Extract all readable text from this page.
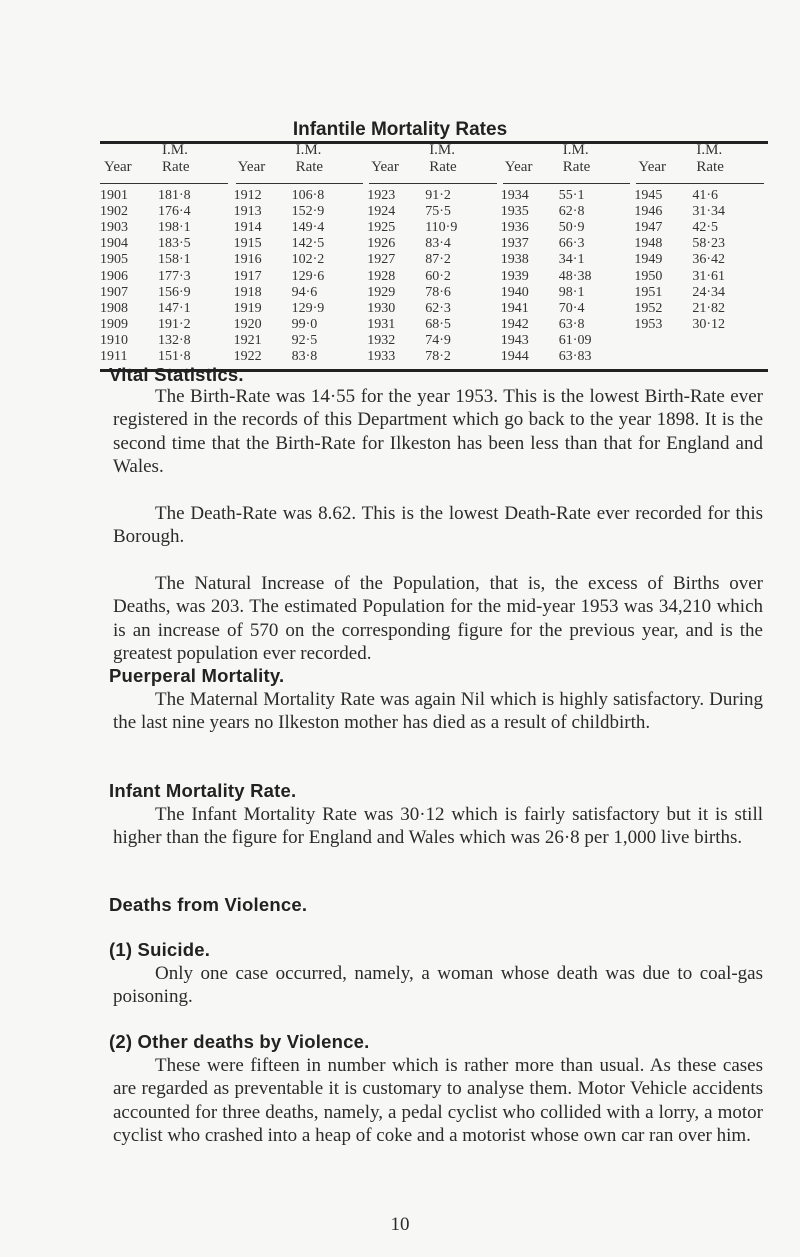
Infantile Mortality Rates
Year
I.M.
Rate
1901 181·8
1902 176·4
1903 198·1
1904 183·5
1905 158·1
1906 177·3
1907 156·9
1908 147·1
1909 191·2
1910 132·8
1911 151·8
Year
I.M.
Rate
1912 106·8
1913 152·9
1914 149·4
1915 142·5
1916 102·2
1917 129·6
1918 94·6
1919 129·9
1920 99·0
1921 92·5
1922 83·8
Year
I.M.
Rate
1923 91·2
1924 75·5
1925 110·9
1926 83·4
1927 87·2
1928 60·2
1929 78·6
1930 62·3
1931 68·5
1932 74·9
1933 78·2
Year
I.M.
Rate
1934 55·1
1935 62·8
1936 50·9
1937 66·3
1938 34·1
1939 48·38
1940 98·1
1941 70·4
1942 63·8
1943 61·09
1944 63·83
Year
I.M.
Rate
1945 41·6
1946 31·34
1947 42·5
1948 58·23
1949 36·42
1950 31·61
1951 24·34
1952 21·82
1953 30·12

Vital Statistics.

The Birth-Rate was 14·55 for the year 1953. This is the lowest Birth-Rate ever registered in the records of this Department which go back to the year 1898. It is the second time that the Birth-Rate for Ilkeston has been less than that for England and Wales.

The Death-Rate was 8.62. This is the lowest Death-Rate ever recorded for this Borough.

The Natural Increase of the Population, that is, the excess of Births over Deaths, was 203. The estimated Population for the mid-year 1953 was 34,210 which is an increase of 570 on the corresponding figure for the previous year, and is the greatest population ever recorded.

Puerperal Mortality.

The Maternal Mortality Rate was again Nil which is highly satisfactory. During the last nine years no Ilkeston mother has died as a result of childbirth.

Infant Mortality Rate.

The Infant Mortality Rate was 30·12 which is fairly satisfactory but it is still higher than the figure for England and Wales which was 26·8 per 1,000 live births.

Deaths from Violence.

(1) Suicide.

Only one case occurred, namely, a woman whose death was due to coal-gas poisoning.

(2) Other deaths by Violence.

These were fifteen in number which is rather more than usual. As these cases are regarded as preventable it is customary to analyse them. Motor Vehicle accidents accounted for three deaths, namely, a pedal cyclist who collided with a lorry, a motor cyclist who crashed into a heap of coke and a motorist whose own car ran over him.

10
